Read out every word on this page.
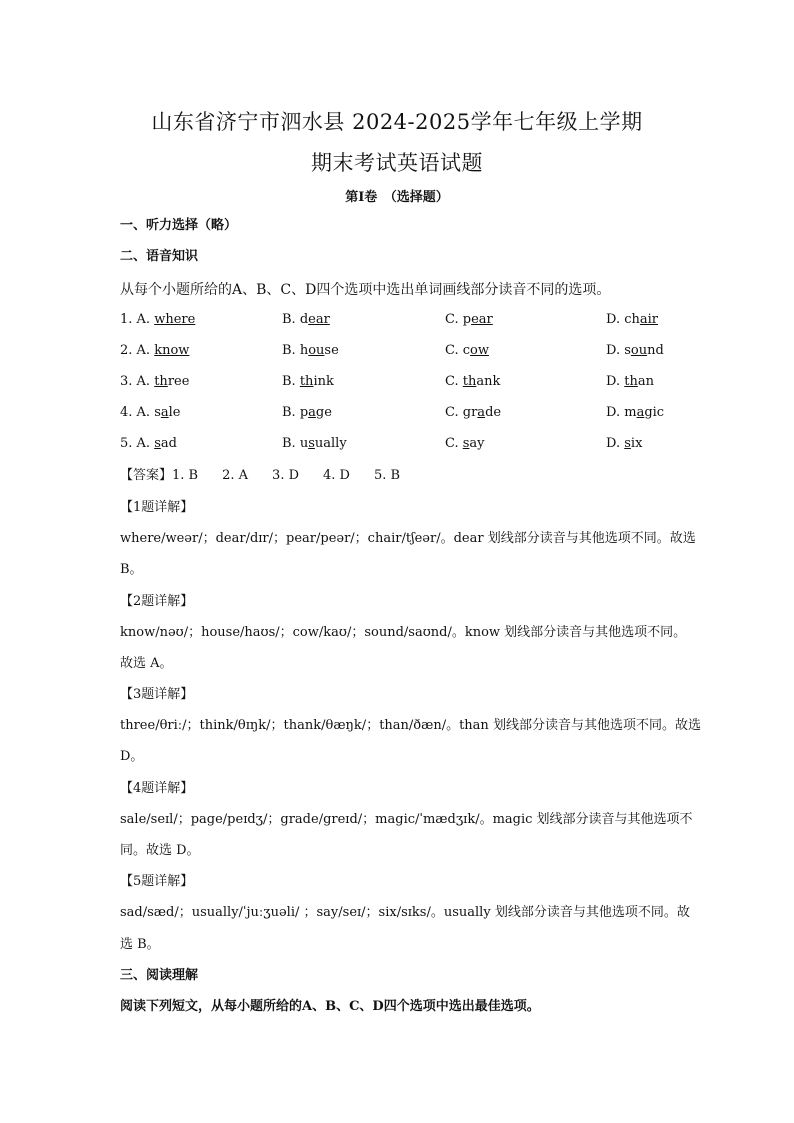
山东省济宁市泗水县 2024-2025学年七年级上学期
期末考试英语试题
第Ⅰ卷　（选择题）
一、听力选择（略）
二、语音知识
从每个小题所给的A、B、C、D四个选项中选出单词画线部分读音不同的选项。
1. A. where	B. dear	C. pear	D. chair
2. A. know	B. house	C. cow	D. sound
3. A. three	B. think	C. thank	D. than
4. A. sale	B. page	C. grade	D. magic
5. A. sad	B. usually	C. say	D. six
【答案】1. B 2. A 3. D 4. D 5. B
【1题详解】
where/weər/；dear/dɪr/；pear/peər/；chair/tʃeər/。dear 划线部分读音与其他选项不同。故选
B。
【2题详解】
know/nəʊ/；house/haʊs/；cow/kaʊ/；sound/saʊnd/。know 划线部分读音与其他选项不同。
故选 A。
【3题详解】
three/θriː/；think/θɪŋk/；thank/θæŋk/；than/ðæn/。than 划线部分读音与其他选项不同。故选
D。
【4题详解】
sale/seɪl/；page/peɪdʒ/；grade/greɪd/；magic/ˈmædʒɪk/。magic 划线部分读音与其他选项不
同。故选 D。
【5题详解】
sad/sæd/；usually/ˈjuːʒuəli/ ；say/seɪ/；six/sɪks/。usually 划线部分读音与其他选项不同。故
选 B。
三、阅读理解
阅读下列短文，从每小题所给的A、B、C、D四个选项中选出最佳选项。
